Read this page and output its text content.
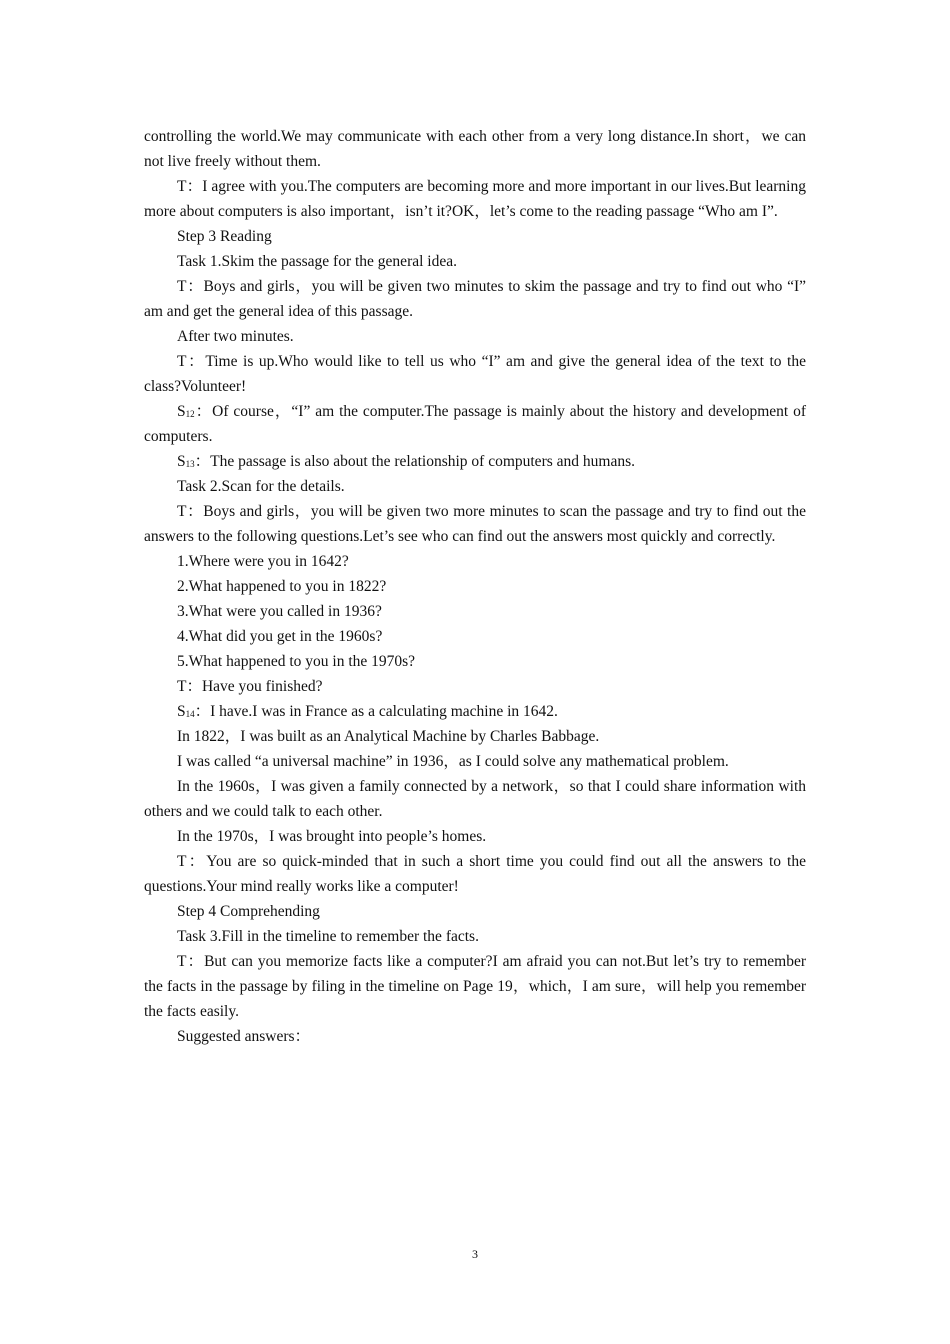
controlling the world.We may communicate with each other from a very long distance.In short，we can not live freely without them.

T：I agree with you.The computers are becoming more and more important in our lives.But learning more about computers is also important，isn’t it?OK，let’s come to the reading passage “Who am I”.

Step 3 Reading

Task 1.Skim the passage for the general idea.

T：Boys and girls，you will be given two minutes to skim the passage and try to find out who “I” am and get the general idea of this passage.

After two minutes.

T：Time is up.Who would like to tell us who “I” am and give the general idea of the text to the class?Volunteer!

$S_{12}$：Of course，“I” am the computer.The passage is mainly about the history and development of computers.

$S_{13}$：The passage is also about the relationship of computers and humans.

Task 2.Scan for the details.

T：Boys and girls，you will be given two more minutes to scan the passage and try to find out the answers to the following questions.Let’s see who can find out the answers most quickly and correctly.

1.Where were you in 1642?

2.What happened to you in 1822?

3.What were you called in 1936?

4.What did you get in the 1960s?

5.What happened to you in the 1970s?

T：Have you finished?

$S_{14}$：I have.I was in France as a calculating machine in 1642.

In 1822，I was built as an Analytical Machine by Charles Babbage.

I was called “a universal machine” in 1936，as I could solve any mathematical problem.

In the 1960s，I was given a family connected by a network，so that I could share information with others and we could talk to each other.

In the 1970s，I was brought into people’s homes.

T：You are so quick-minded that in such a short time you could find out all the answers to the questions.Your mind really works like a computer!

Step 4 Comprehending

Task 3.Fill in the timeline to remember the facts.

T：But can you memorize facts like a computer?I am afraid you can not.But let’s try to remember the facts in the passage by filing in the timeline on Page 19，which，I am sure，will help you remember the facts easily.

Suggested answers：

3
